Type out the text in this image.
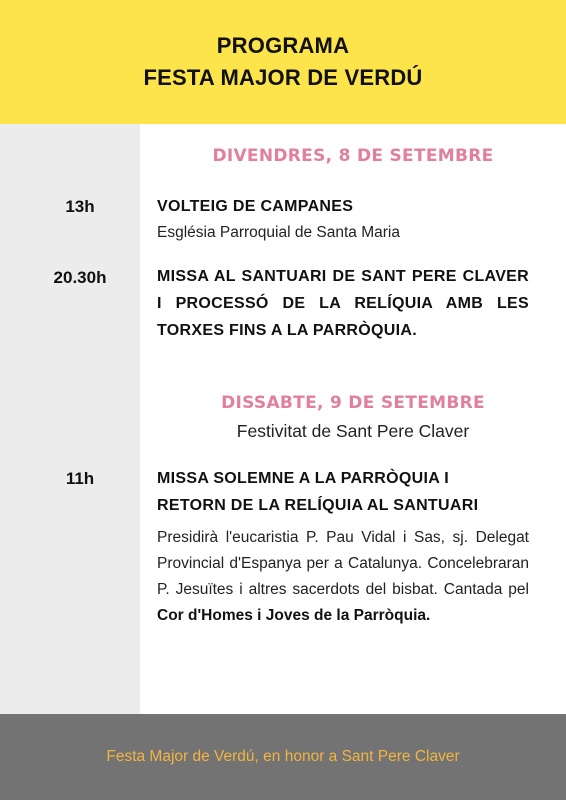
PROGRAMA
FESTA MAJOR DE VERDÚ
DIVENDRES, 8 DE SETEMBRE
13h	VOLTEIG DE CAMPANES
Església Parroquial de Santa Maria
20.30h	MISSA AL SANTUARI DE SANT PERE CLAVER I PROCESSÓ DE LA RELÍQUIA AMB LES TORXES FINS A LA PARRÒQUIA.
DISSABTE, 9 DE SETEMBRE
Festivitat de Sant Pere Claver
11h	MISSA SOLEMNE A LA PARRÒQUIA I
RETORN DE LA RELÍQUIA AL SANTUARI
Presidirà l'eucaristia P. Pau Vidal i Sas, sj. Delegat Provincial d'Espanya per a Catalunya. Concelebraran P. Jesuïtes i altres sacerdots del bisbat. Cantada pel Cor d'Homes i Joves de la Parròquia.
Festa Major de Verdú, en honor a Sant Pere Claver
